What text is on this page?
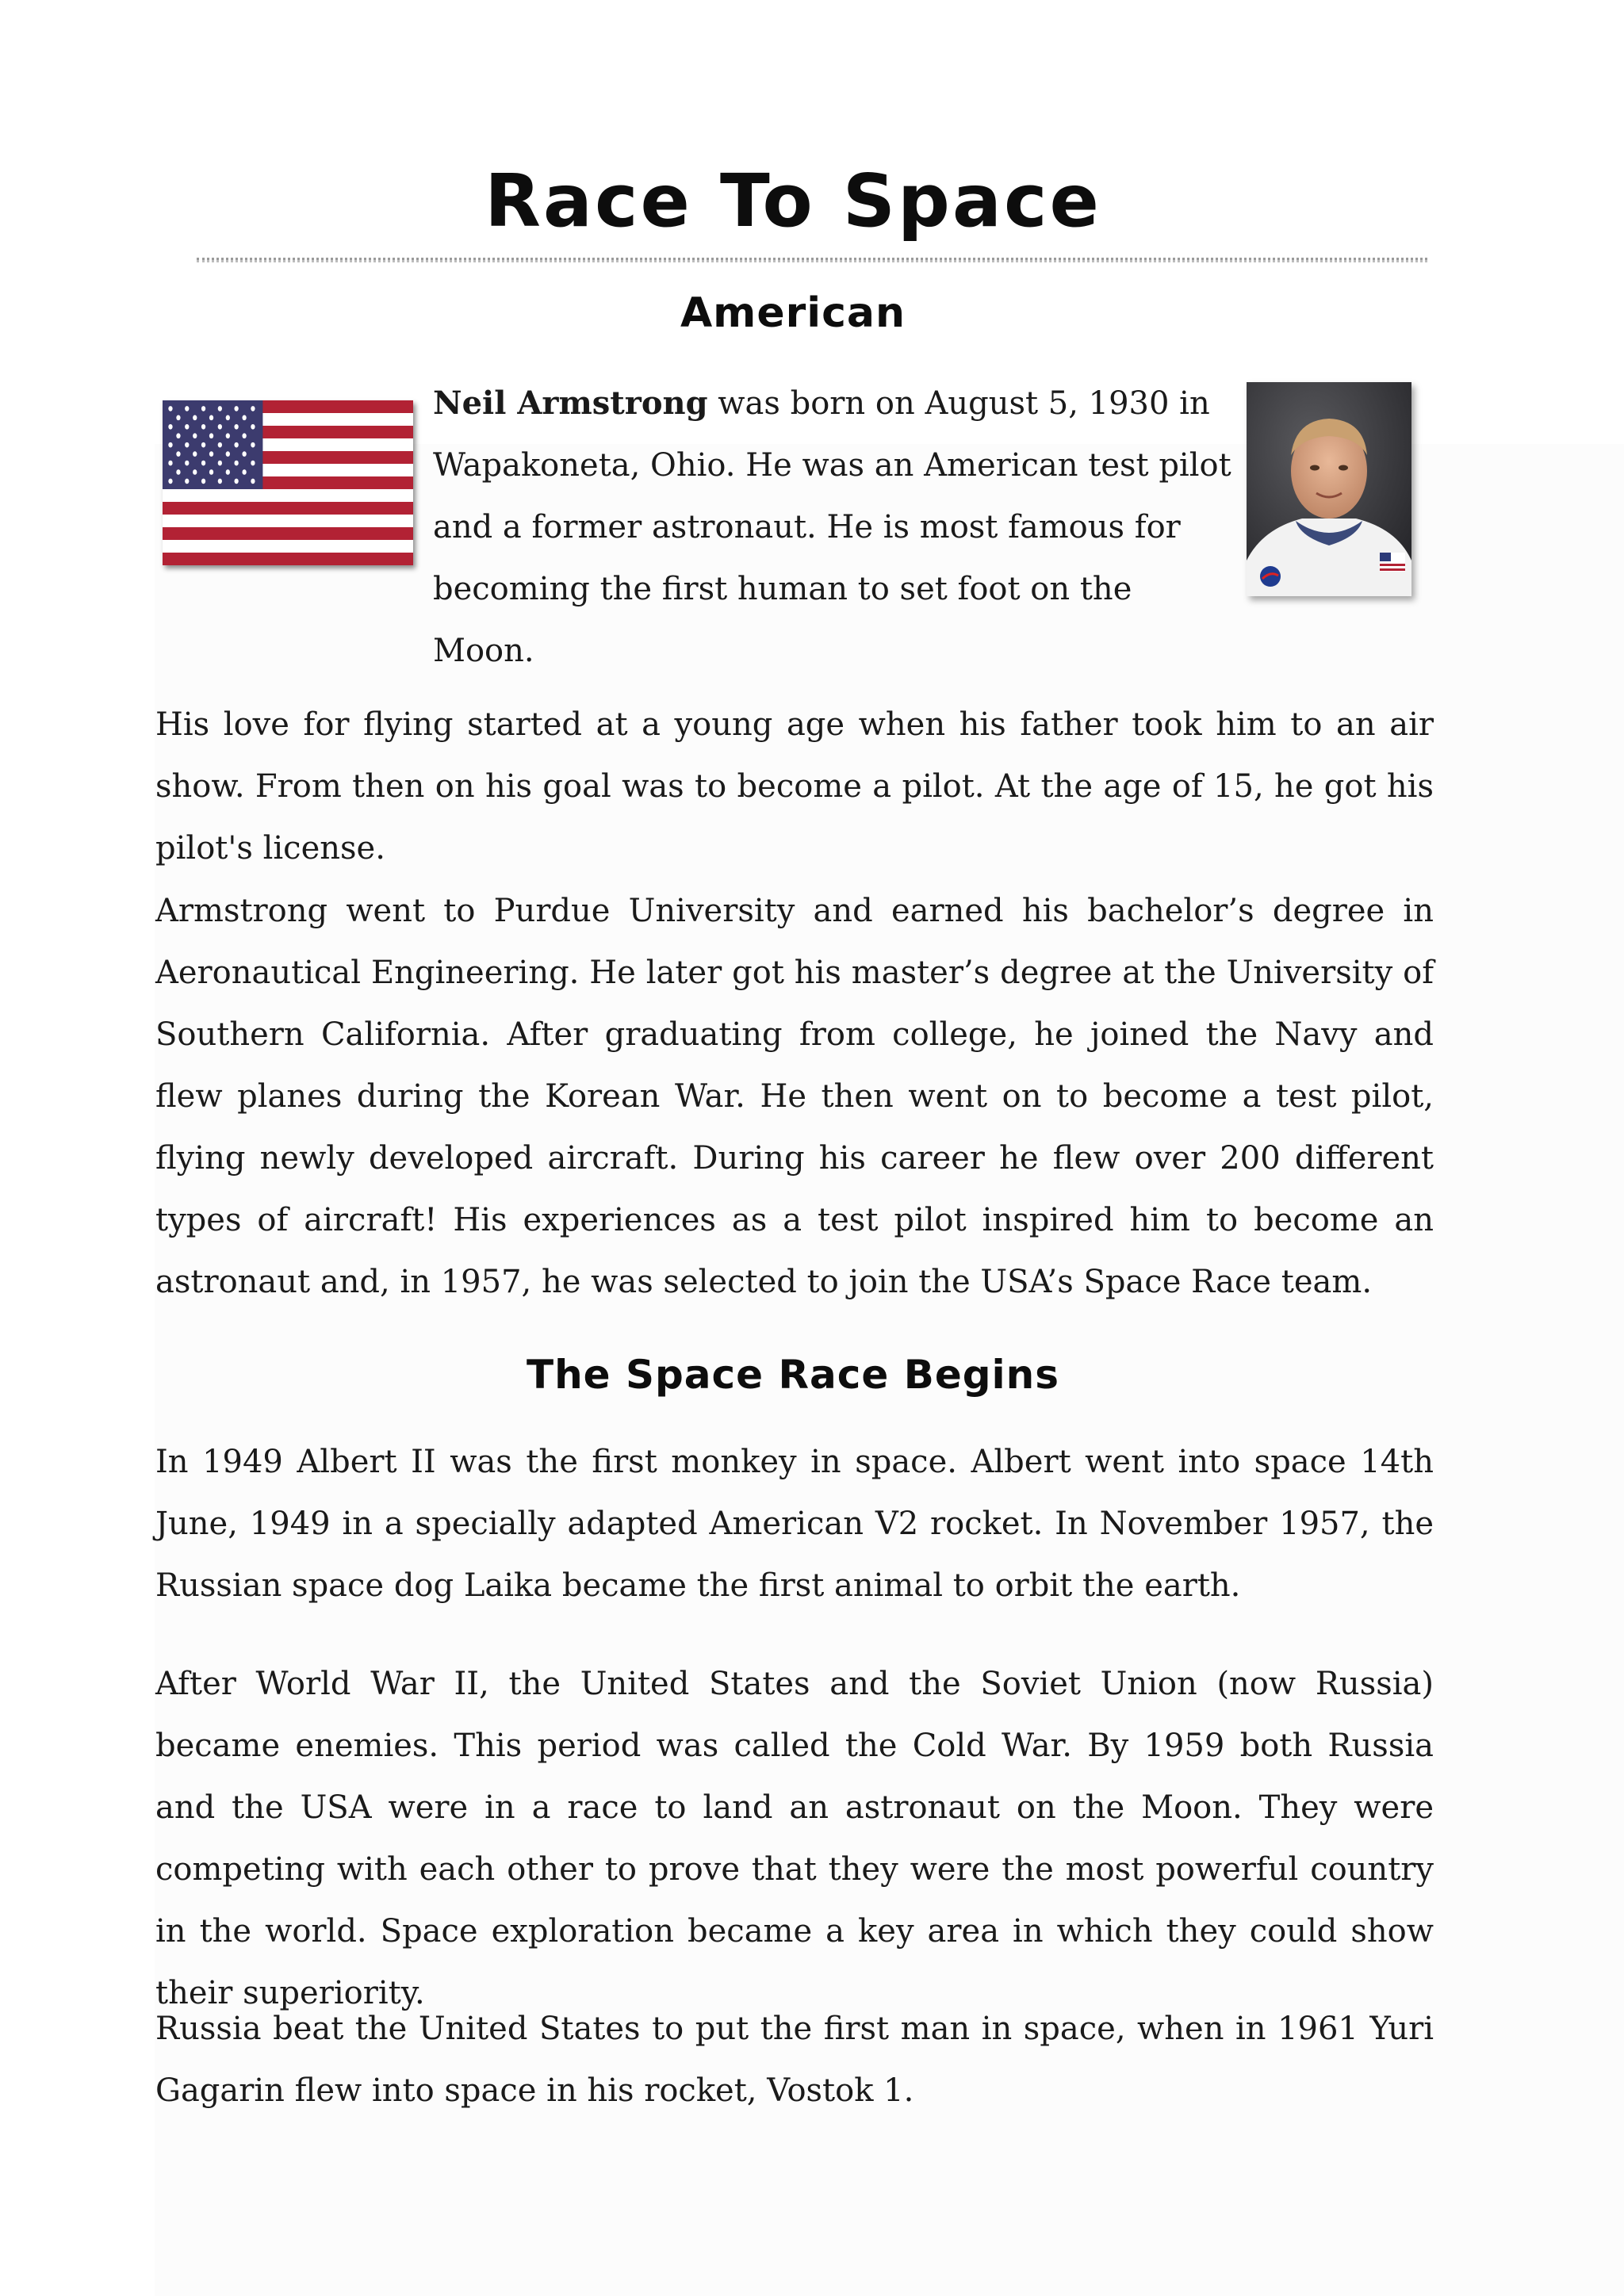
Race To Space
American

Neil Armstrong was born on August 5, 1930 in Wapakoneta, Ohio. He was an American test pilot and a former astronaut. He is most famous for becoming the first human to set foot on the Moon.

His love for flying started at a young age when his father took him to an air show. From then on his goal was to become a pilot. At the age of 15, he got his pilot's license.

Armstrong went to Purdue University and earned his bachelor’s degree in Aeronautical Engineering. He later got his master’s degree at the University of Southern California. After graduating from college, he joined the Navy and flew planes during the Korean War. He then went on to become a test pilot, flying newly developed aircraft. During his career he flew over 200 different types of aircraft! His experiences as a test pilot inspired him to become an astronaut and, in 1957, he was selected to join the USA’s Space Race team.

The Space Race Begins

In 1949 Albert II was the first monkey in space. Albert went into space 14th June, 1949 in a specially adapted American V2 rocket. In November 1957, the Russian space dog Laika became the first animal to orbit the earth.

After World War II, the United States and the Soviet Union (now Russia) became enemies. This period was called the Cold War. By 1959 both Russia and the USA were in a race to land an astronaut on the Moon. They were competing with each other to prove that they were the most powerful country in the world. Space exploration became a key area in which they could show their superiority.

Russia beat the United States to put the first man in space, when in 1961 Yuri Gagarin flew into space in his rocket, Vostok 1.
